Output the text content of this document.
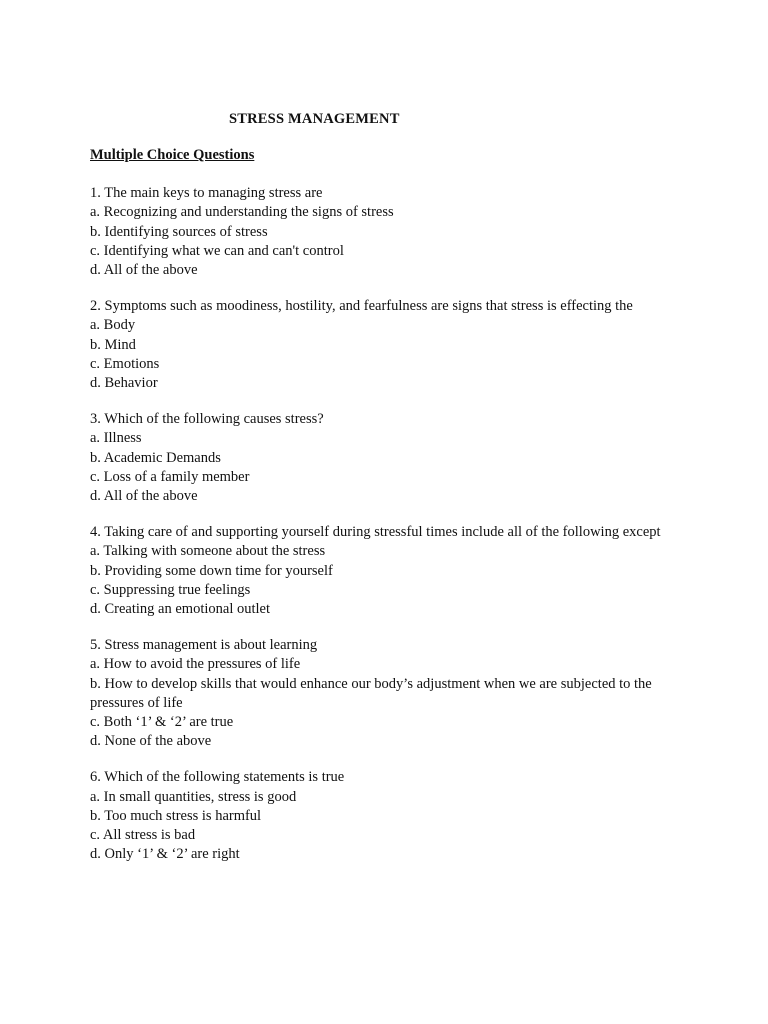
STRESS MANAGEMENT

Multiple Choice Questions

1. The main keys to managing stress are

a. Recognizing and understanding the signs of stress

b. Identifying sources of stress

c. Identifying what we can and can't control

d. All of the above

2. Symptoms such as moodiness, hostility, and fearfulness are signs that stress is effecting the

a. Body

b. Mind

c. Emotions

d. Behavior

3. Which of the following causes stress?

a. Illness

b. Academic Demands

c. Loss of a family member

d. All of the above

4. Taking care of and supporting yourself during stressful times include all of the following except

a. Talking with someone about the stress

b. Providing some down time for yourself

c. Suppressing true feelings

d. Creating an emotional outlet

5. Stress management is about learning

a. How to avoid the pressures of life

b. How to develop skills that would enhance our body’s adjustment when we are subjected to the pressures of life

c. Both ‘1’ & ‘2’ are true

d. None of the above

6. Which of the following statements is true

a. In small quantities, stress is good

b. Too much stress is harmful

c. All stress is bad

d. Only ‘1’ & ‘2’ are right
